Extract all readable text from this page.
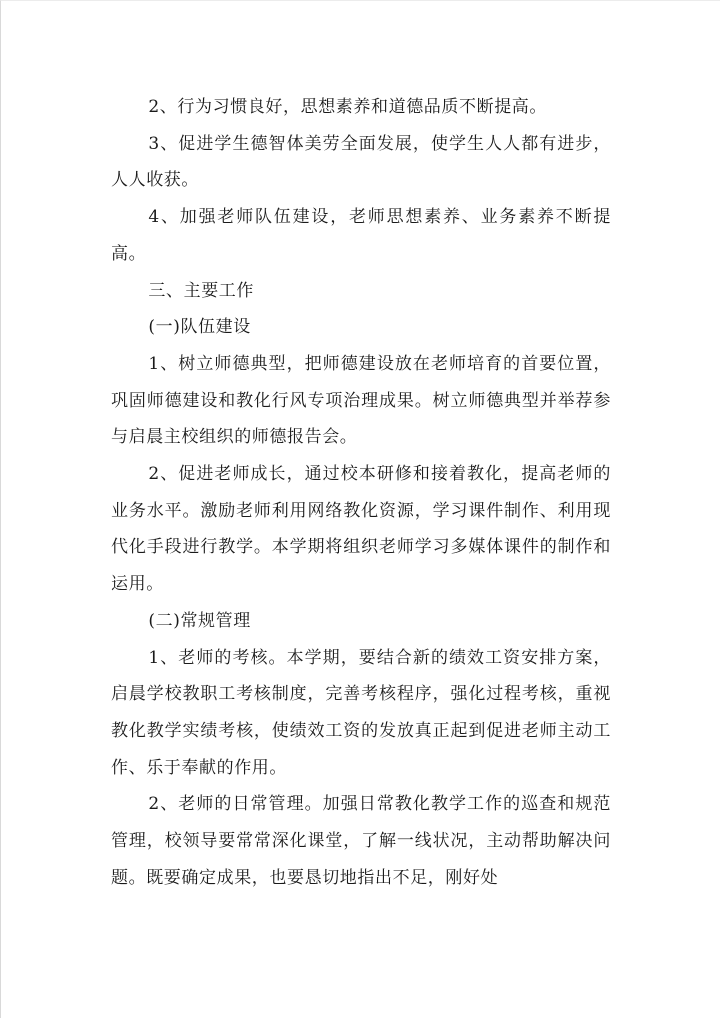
2、行为习惯良好，思想素养和道德品质不断提高。

3、促进学生德智体美劳全面发展，使学生人人都有进步，人人收获。

4、加强老师队伍建设，老师思想素养、业务素养不断提高。

三、主要工作

(一)队伍建设

1、树立师德典型，把师德建设放在老师培育的首要位置，巩固师德建设和教化行风专项治理成果。树立师德典型并举荐参与启晨主校组织的师德报告会。

2、促进老师成长，通过校本研修和接着教化，提高老师的业务水平。激励老师利用网络教化资源，学习课件制作、利用现代化手段进行教学。本学期将组织老师学习多媒体课件的制作和运用。

(二)常规管理

1、老师的考核。本学期，要结合新的绩效工资安排方案，启晨学校教职工考核制度，完善考核程序，强化过程考核，重视教化教学实绩考核，使绩效工资的发放真正起到促进老师主动工作、乐于奉献的作用。

2、老师的日常管理。加强日常教化教学工作的巡查和规范管理，校领导要常常深化课堂，了解一线状况，主动帮助解决问题。既要确定成果，也要恳切地指出不足，刚好处
